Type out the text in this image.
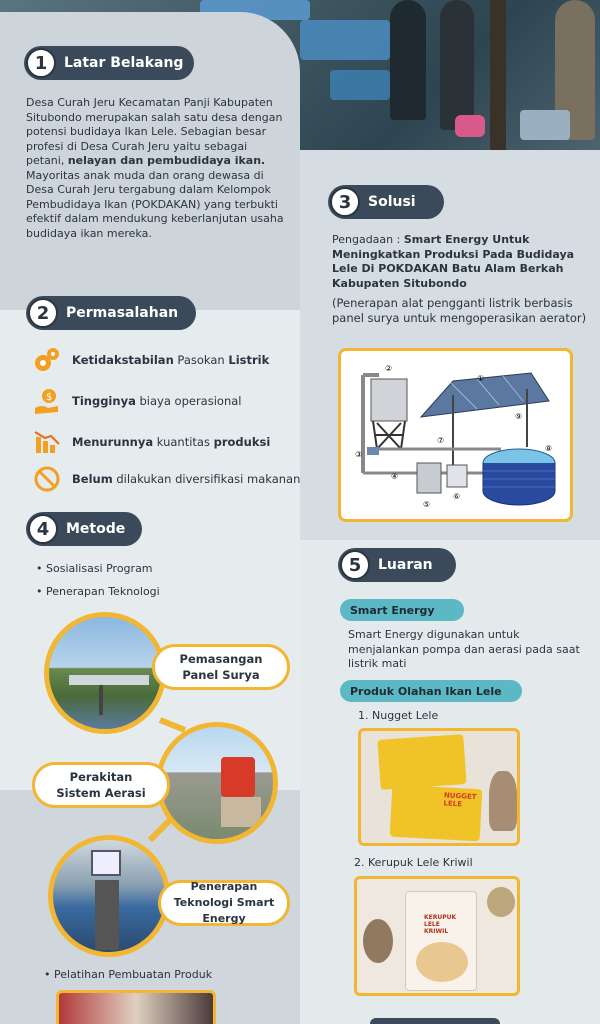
1	Latar Belakang
Desa Curah Jeru Kecamatan Panji Kabupaten Situbondo merupakan salah satu desa dengan potensi budidaya Ikan Lele. Sebagian besar profesi di Desa Curah Jeru yaitu sebagai petani, nelayan dan pembudidaya ikan.
Mayoritas anak muda dan orang dewasa di Desa Curah Jeru tergabung dalam Kelompok Pembudidaya Ikan (POKDAKAN) yang terbukti efektif dalam mendukung keberlanjutan usaha budidaya ikan mereka.
2	Permasalahan
Ketidakstabilan Pasokan Listrik
$ Tingginya biaya operasional
Menurunnya kuantitas produksi
Belum dilakukan diversifikasi makanan
3	Solusi
Pengadaan : Smart Energy Untuk Meningkatkan Produksi Pada Budidaya Lele Di POKDAKAN Batu Alam Berkah Kabupaten Situbondo
(Penerapan alat pengganti listrik berbasis panel surya untuk mengoperasikan aerator)
②
①
③
④
⑤
⑥
⑦
⑧
⑨
4	Metode
• Sosialisasi Program
• Penerapan Teknologi
Pemasangan Panel Surya
Perakitan Sistem Aerasi
Penerapan Teknologi Smart Energy
• Pelatihan Pembuatan Produk
5	Luaran
Smart Energy
Smart Energy digunakan untuk menjalankan pompa dan aerasi pada saat listrik mati
Produk Olahan Ikan Lele
1. Nugget Lele
NUGGET LELE
2. Kerupuk Lele Kriwil
KERUPUK LELE KRIWIL
